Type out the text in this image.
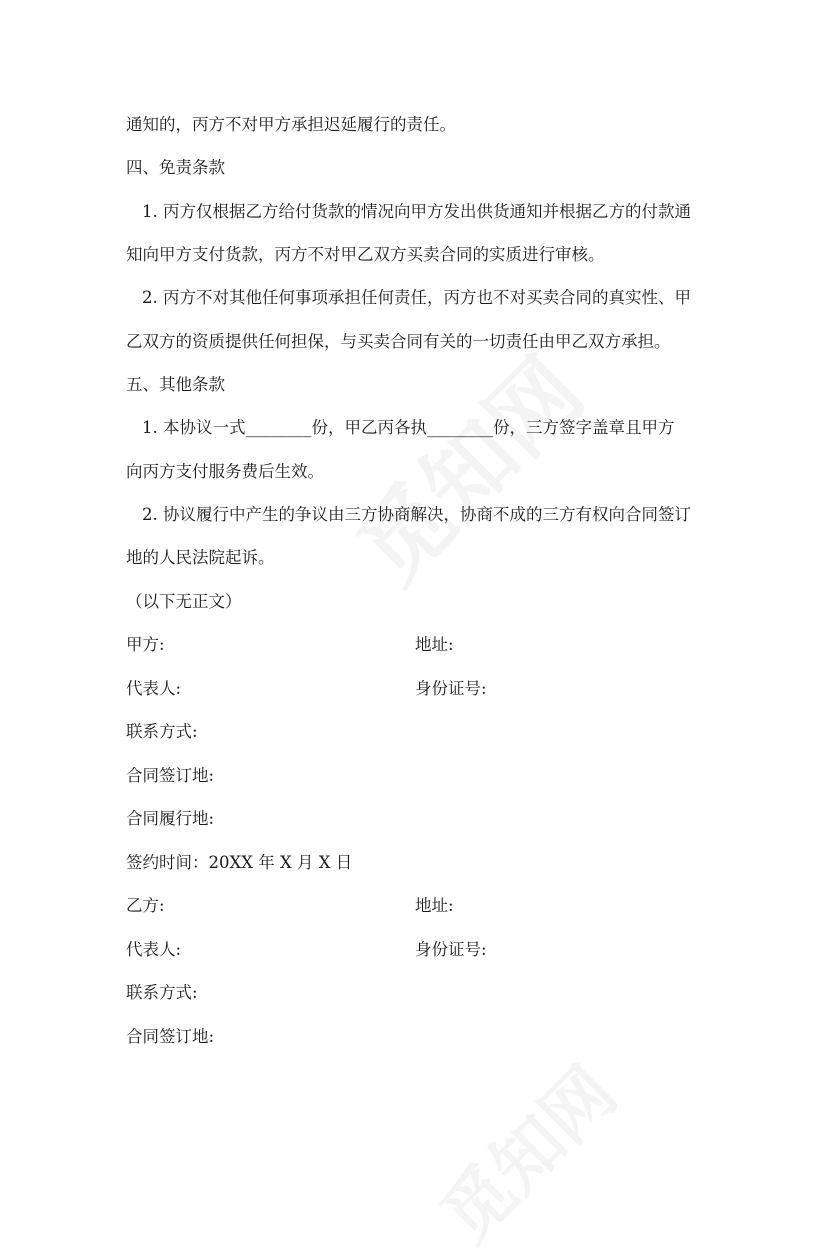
通知的，丙方不对甲方承担迟延履行的责任。
四、免责条款
1. 丙方仅根据乙方给付货款的情况向甲方发出供货通知并根据乙方的付款通
知向甲方支付货款，丙方不对甲乙双方买卖合同的实质进行审核。
2. 丙方不对其他任何事项承担任何责任，丙方也不对买卖合同的真实性、甲
乙双方的资质提供任何担保，与买卖合同有关的一切责任由甲乙双方承担。
五、其他条款
1. 本协议一式________份，甲乙丙各执________份，三方签字盖章且甲方
向丙方支付服务费后生效。
2. 协议履行中产生的争议由三方协商解决，协商不成的三方有权向合同签订
地的人民法院起诉。
（以下无正文）
甲方:	地址:
代表人:	身份证号:
联系方式:
合同签订地:
合同履行地:
签约时间：20XX 年 X 月 X 日
乙方:	地址:
代表人:	身份证号:
联系方式:
合同签订地:
